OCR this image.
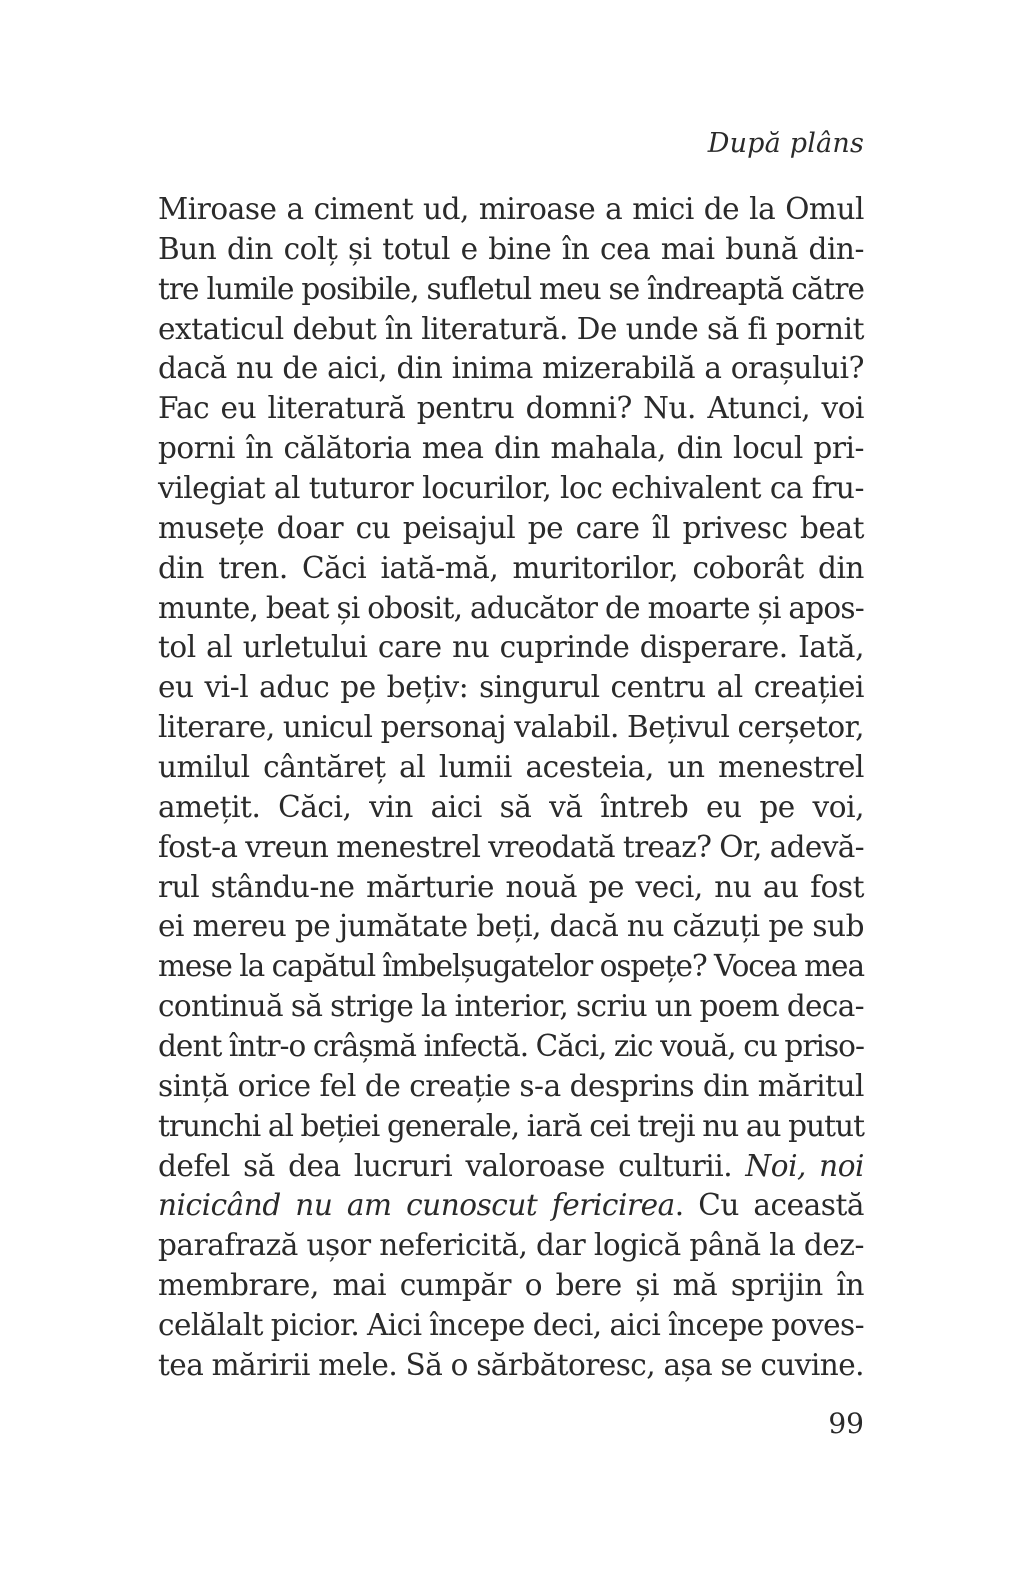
După plâns
Miroase a ciment ud, miroase a mici de la Omul
Bun din colț și totul e bine în cea mai bună din-
tre lumile posibile, sufletul meu se îndreaptă către
extaticul debut în literatură. De unde să fi pornit
dacă nu de aici, din inima mizerabilă a orașului?
Fac eu literatură pentru domni? Nu. Atunci, voi
porni în călătoria mea din mahala, din locul pri-
vilegiat al tuturor locurilor, loc echivalent ca fru-
musețe doar cu peisajul pe care îl privesc beat
din tren. Căci iată-mă, muritorilor, coborât din
munte, beat și obosit, aducător de moarte și apos-
tol al urletului care nu cuprinde disperare. Iată,
eu vi-l aduc pe bețiv: singurul centru al creației
literare, unicul personaj valabil. Bețivul cerșetor,
umilul cântăreț al lumii acesteia, un menestrel
amețit. Căci, vin aici să vă întreb eu pe voi,
fost-a vreun menestrel vreodată treaz? Or, adevă-
rul stându-ne mărturie nouă pe veci, nu au fost
ei mereu pe jumătate beți, dacă nu căzuți pe sub
mese la capătul îmbelșugatelor ospețe? Vocea mea
continuă să strige la interior, scriu un poem deca-
dent într-o crâșmă infectă. Căci, zic vouă, cu priso-
sință orice fel de creație s-a desprins din măritul
trunchi al beției generale, iară cei treji nu au putut
defel să dea lucruri valoroase culturii. Noi, noi
nicicând nu am cunoscut fericirea. Cu această
parafrază ușor nefericită, dar logică până la dez-
membrare, mai cumpăr o bere și mă sprijin în
celălalt picior. Aici începe deci, aici începe poves-
tea măririi mele. Să o sărbătoresc, așa se cuvine.
99
